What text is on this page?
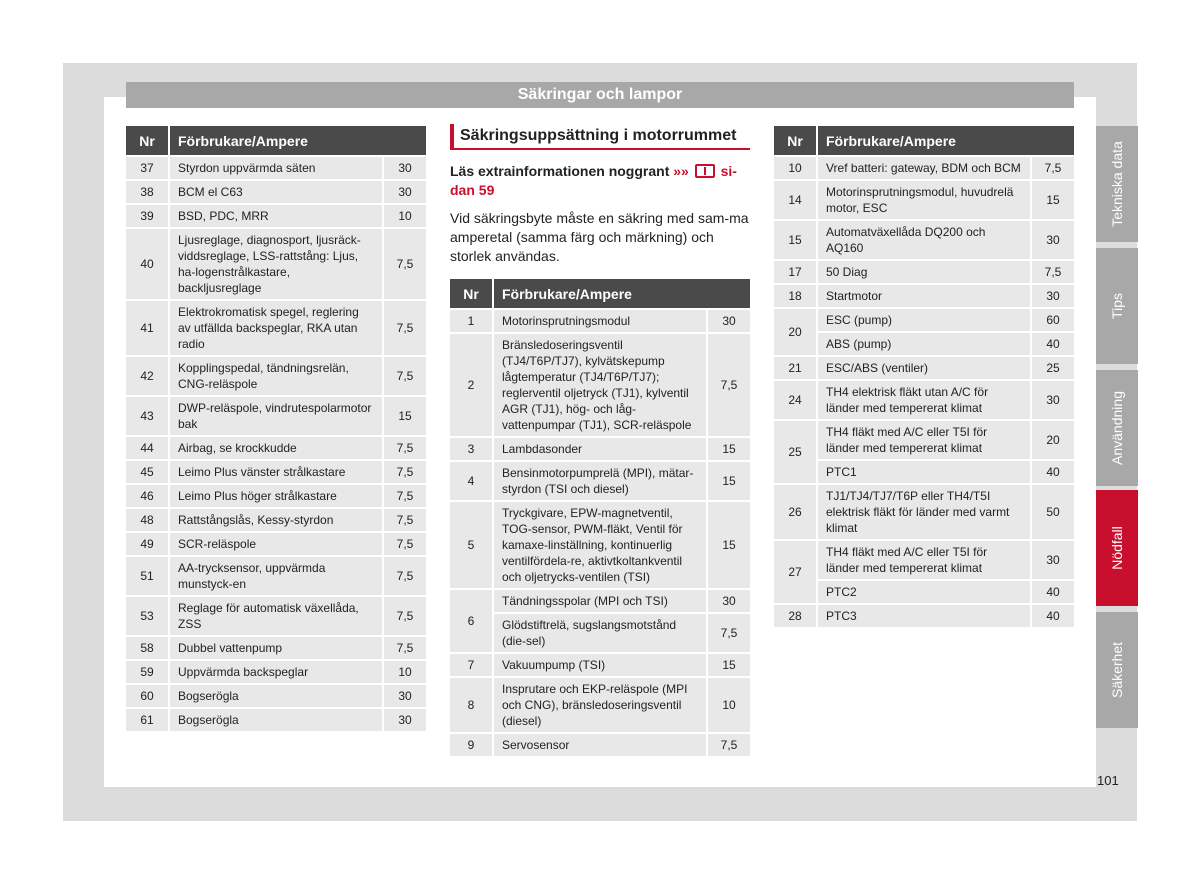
Säkringar och lampor
Nr	Förbrukare/Ampere	
37	Styrdon uppvärmda säten	30
38	BCM el C63	30
39	BSD, PDC, MRR	10
40	Ljusreglage, diagnosport, ljusräck-viddsreglage, LSS-rattstång: Ljus, ha-logenstrålkastare, backljusreglage	7,5
41	Elektrokromatisk spegel, reglering av utfällda backspeglar, RKA utan radio	7,5
42	Kopplingspedal, tändningsrelän, CNG-reläspole	7,5
43	DWP-reläspole, vindrutespolarmotor bak	15
44	Airbag, se krockkudde	7,5
45	Leimo Plus vänster strålkastare	7,5
46	Leimo Plus höger strålkastare	7,5
48	Rattstångslås, Kessy-styrdon	7,5
49	SCR-reläspole	7,5
51	AA-trycksensor, uppvärmda munstyck-en	7,5
53	Reglage för automatisk växellåda, ZSS	7,5
58	Dubbel vattenpump	7,5
59	Uppvärmda backspeglar	10
60	Bogserögla	30
61	Bogserögla	30
Säkringsuppsättning i motorrummet
Läs extrainformationen noggrant »» si-dan 59
Vid säkringsbyte måste en säkring med sam-ma amperetal (samma färg och märkning) och storlek användas.
Nr	Förbrukare/Ampere	
1	Motorinsprutningsmodul	30
2	Bränsledoseringsventil (TJ4/T6P/TJ7), kylvätskepump lågtemperatur (TJ4/T6P/TJ7); reglerventil oljetryck (TJ1), kylventil AGR (TJ1), hög- och låg-vattenpumpar (TJ1), SCR-reläspole	7,5
3	Lambdasonder	15
4	Bensinmotorpumprelä (MPI), mätar-styrdon (TSI och diesel)	15
5	Tryckgivare, EPW-magnetventil, TOG-sensor, PWM-fläkt, Ventil för kamaxe-linställning, kontinuerlig ventilfördela-re, aktivtkoltankventil och oljetrycks-ventilen (TSI)	15
6	Tändningsspolar (MPI och TSI)	30
	Glödstiftrelä, sugslangsmotstånd (die-sel)	7,5
7	Vakuumpump (TSI)	15
8	Insprutare och EKP-reläspole (MPI och CNG), bränsledoseringsventil (diesel)	10
9	Servosensor	7,5
Nr	Förbrukare/Ampere	
10	Vref batteri: gateway, BDM och BCM	7,5
14	Motorinsprutningsmodul, huvudrelä motor, ESC	15
15	Automatväxellåda DQ200 och AQ160	30
17	50 Diag	7,5
18	Startmotor	30
20	ESC (pump)	60
	ABS (pump)	40
21	ESC/ABS (ventiler)	25
24	TH4 elektrisk fläkt utan A/C för länder med tempererat klimat	30
25	TH4 fläkt med A/C eller T5I för länder med tempererat klimat	20
	PTC1	40
26	TJ1/TJ4/TJ7/T6P eller TH4/T5I elektrisk fläkt för länder med varmt klimat	50
27	TH4 fläkt med A/C eller T5I för länder med tempererat klimat	30
	PTC2	40
28	PTC3	40
Tekniska data
Tips
Användning
Nödfall
Säkerhet
101
